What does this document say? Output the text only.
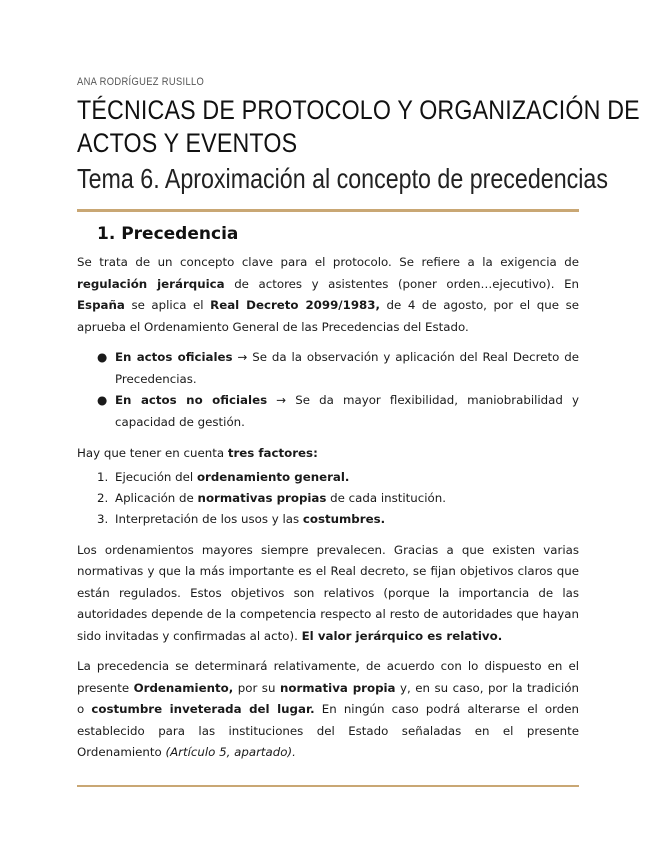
ANA RODRÍGUEZ RUSILLO
TÉCNICAS DE PROTOCOLO Y ORGANIZACIÓN DE
ACTOS Y EVENTOS
Tema 6. Aproximación al concepto de precedencias
1. Precedencia

Se trata de un concepto clave para el protocolo. Se refiere a la exigencia de regulación jerárquica de actores y asistentes (poner orden…ejecutivo). En España se aplica el Real Decreto 2099/1983, de 4 de agosto, por el que se aprueba el Ordenamiento General de las Precedencias del Estado.

● En actos oficiales → Se da la observación y aplicación del Real Decreto de Precedencias.
● En actos no oficiales → Se da mayor flexibilidad, maniobrabilidad y capacidad de gestión.

Hay que tener en cuenta tres factores:

1. Ejecución del ordenamiento general.
2. Aplicación de normativas propias de cada institución.
3. Interpretación de los usos y las costumbres.

Los ordenamientos mayores siempre prevalecen. Gracias a que existen varias normativas y que la más importante es el Real decreto, se fijan objetivos claros que están regulados. Estos objetivos son relativos (porque la importancia de las autoridades depende de la competencia respecto al resto de autoridades que hayan sido invitadas y confirmadas al acto). El valor jerárquico es relativo.

La precedencia se determinará relativamente, de acuerdo con lo dispuesto en el presente Ordenamiento, por su normativa propia y, en su caso, por la tradición o costumbre inveterada del lugar. En ningún caso podrá alterarse el orden establecido para las instituciones del Estado señaladas en el presente Ordenamiento (Artículo 5, apartado).
